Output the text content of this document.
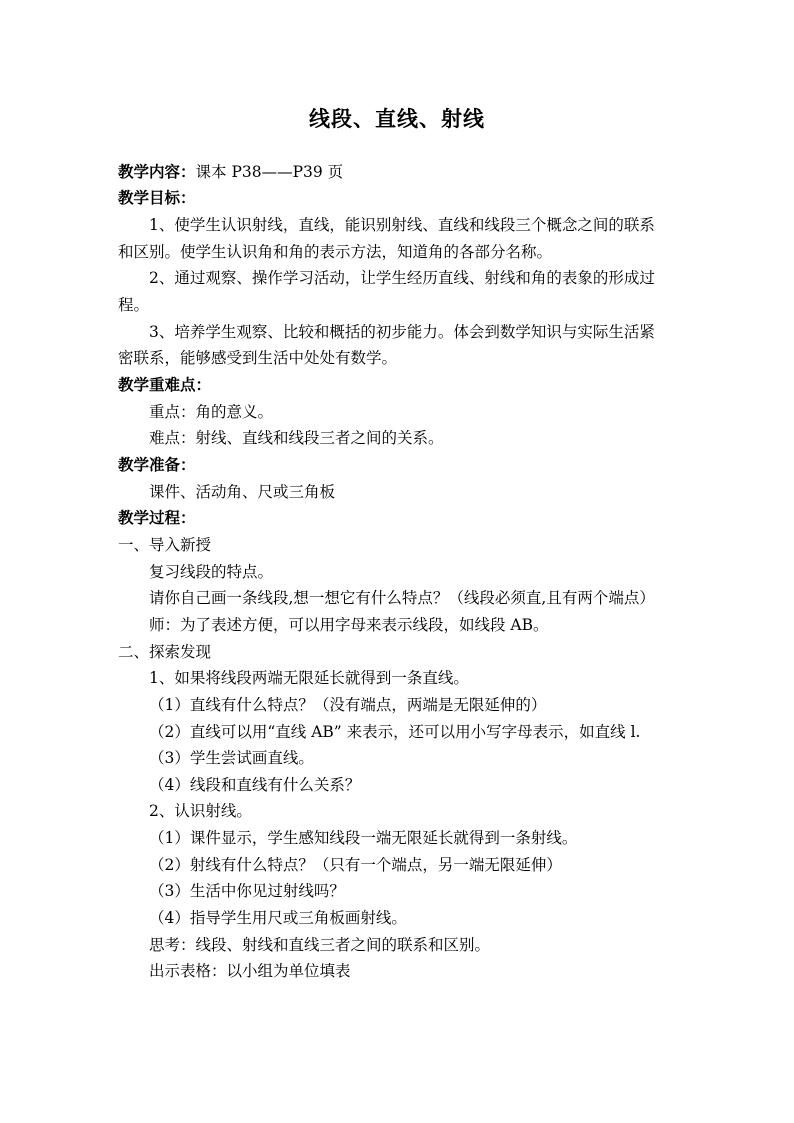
线段、直线、射线
教学内容：课本 P38——P39 页
教学目标：
1、使学生认识射线，直线，能识别射线、直线和线段三个概念之间的联系
和区别。使学生认识角和角的表示方法，知道角的各部分名称。
2、通过观察、操作学习活动，让学生经历直线、射线和角的表象的形成过
程。
3、培养学生观察、比较和概括的初步能力。体会到数学知识与实际生活紧
密联系，能够感受到生活中处处有数学。
教学重难点：
重点：角的意义。
难点：射线、直线和线段三者之间的关系。
教学准备：
课件、活动角、尺或三角板
教学过程：
一、导入新授
复习线段的特点。
请你自己画一条线段,想一想它有什么特点？（线段必须直,且有两个端点）
师：为了表述方便，可以用字母来表示线段，如线段 AB。
二、探索发现
1、如果将线段两端无限延长就得到一条直线。
（1）直线有什么特点？（没有端点，两端是无限延伸的）
（2）直线可以用“直线 AB” 来表示，还可以用小写字母表示，如直线 l.
（3）学生尝试画直线。
（4）线段和直线有什么关系？
2、认识射线。
（1）课件显示，学生感知线段一端无限延长就得到一条射线。
（2）射线有什么特点？（只有一个端点，另一端无限延伸）
（3）生活中你见过射线吗？
（4）指导学生用尺或三角板画射线。
思考：线段、射线和直线三者之间的联系和区别。
出示表格：以小组为单位填表
